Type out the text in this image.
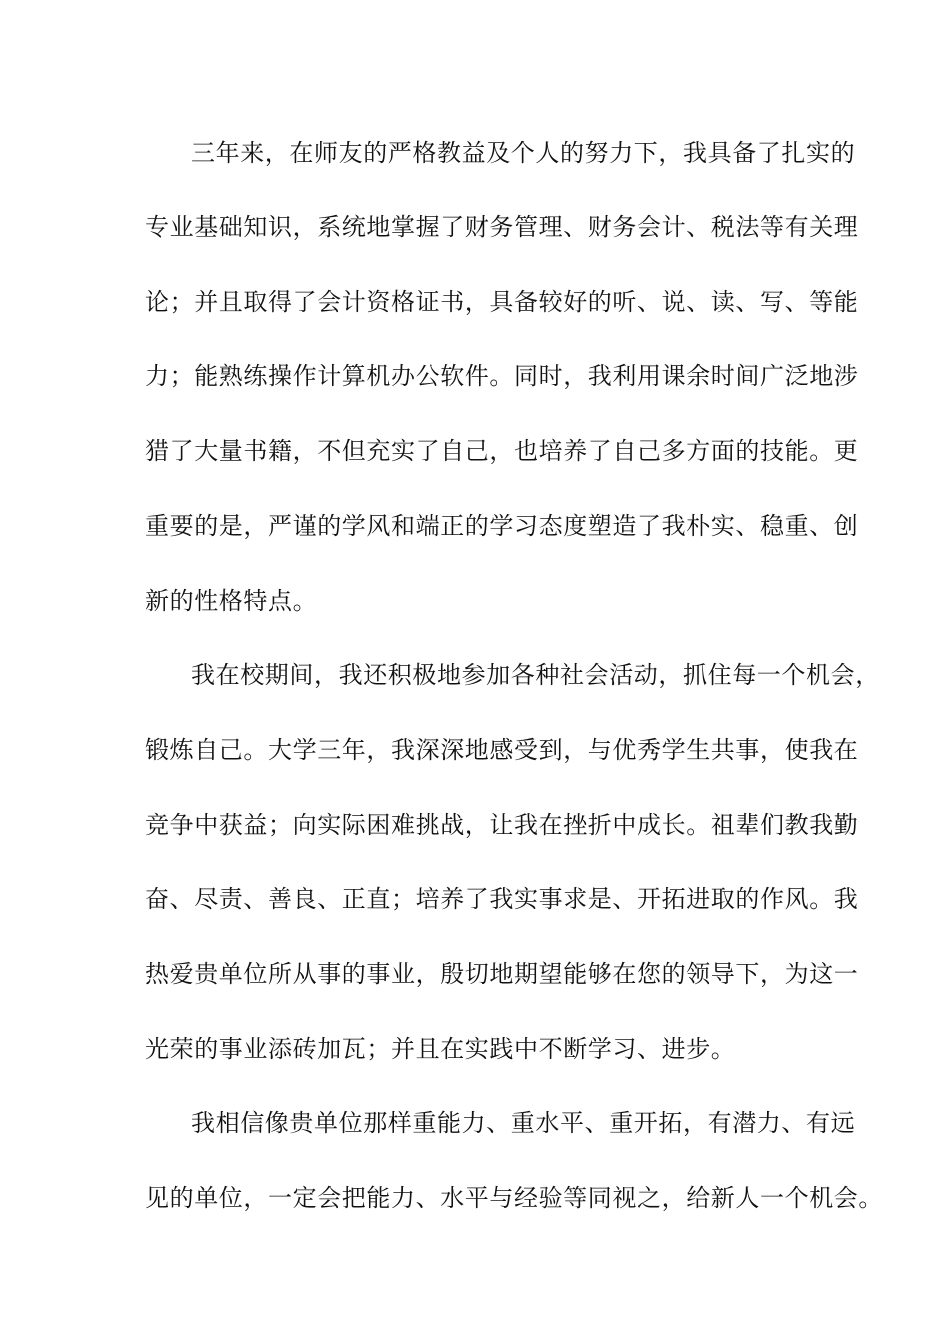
三年来，在师友的严格教益及个人的努力下，我具备了扎实的
专业基础知识，系统地掌握了财务管理、财务会计、税法等有关理
论；并且取得了会计资格证书，具备较好的听、说、读、写、等能
力；能熟练操作计算机办公软件。同时，我利用课余时间广泛地涉
猎了大量书籍，不但充实了自己，也培养了自己多方面的技能。更
重要的是，严谨的学风和端正的学习态度塑造了我朴实、稳重、创
新的性格特点。
我在校期间，我还积极地参加各种社会活动，抓住每一个机会，
锻炼自己。大学三年，我深深地感受到，与优秀学生共事，使我在
竞争中获益；向实际困难挑战，让我在挫折中成长。祖辈们教我勤
奋、尽责、善良、正直；培养了我实事求是、开拓进取的作风。我
热爱贵单位所从事的事业，殷切地期望能够在您的领导下，为这一
光荣的事业添砖加瓦；并且在实践中不断学习、进步。
我相信像贵单位那样重能力、重水平、重开拓，有潜力、有远
见的单位，一定会把能力、水平与经验等同视之，给新人一个机会。
